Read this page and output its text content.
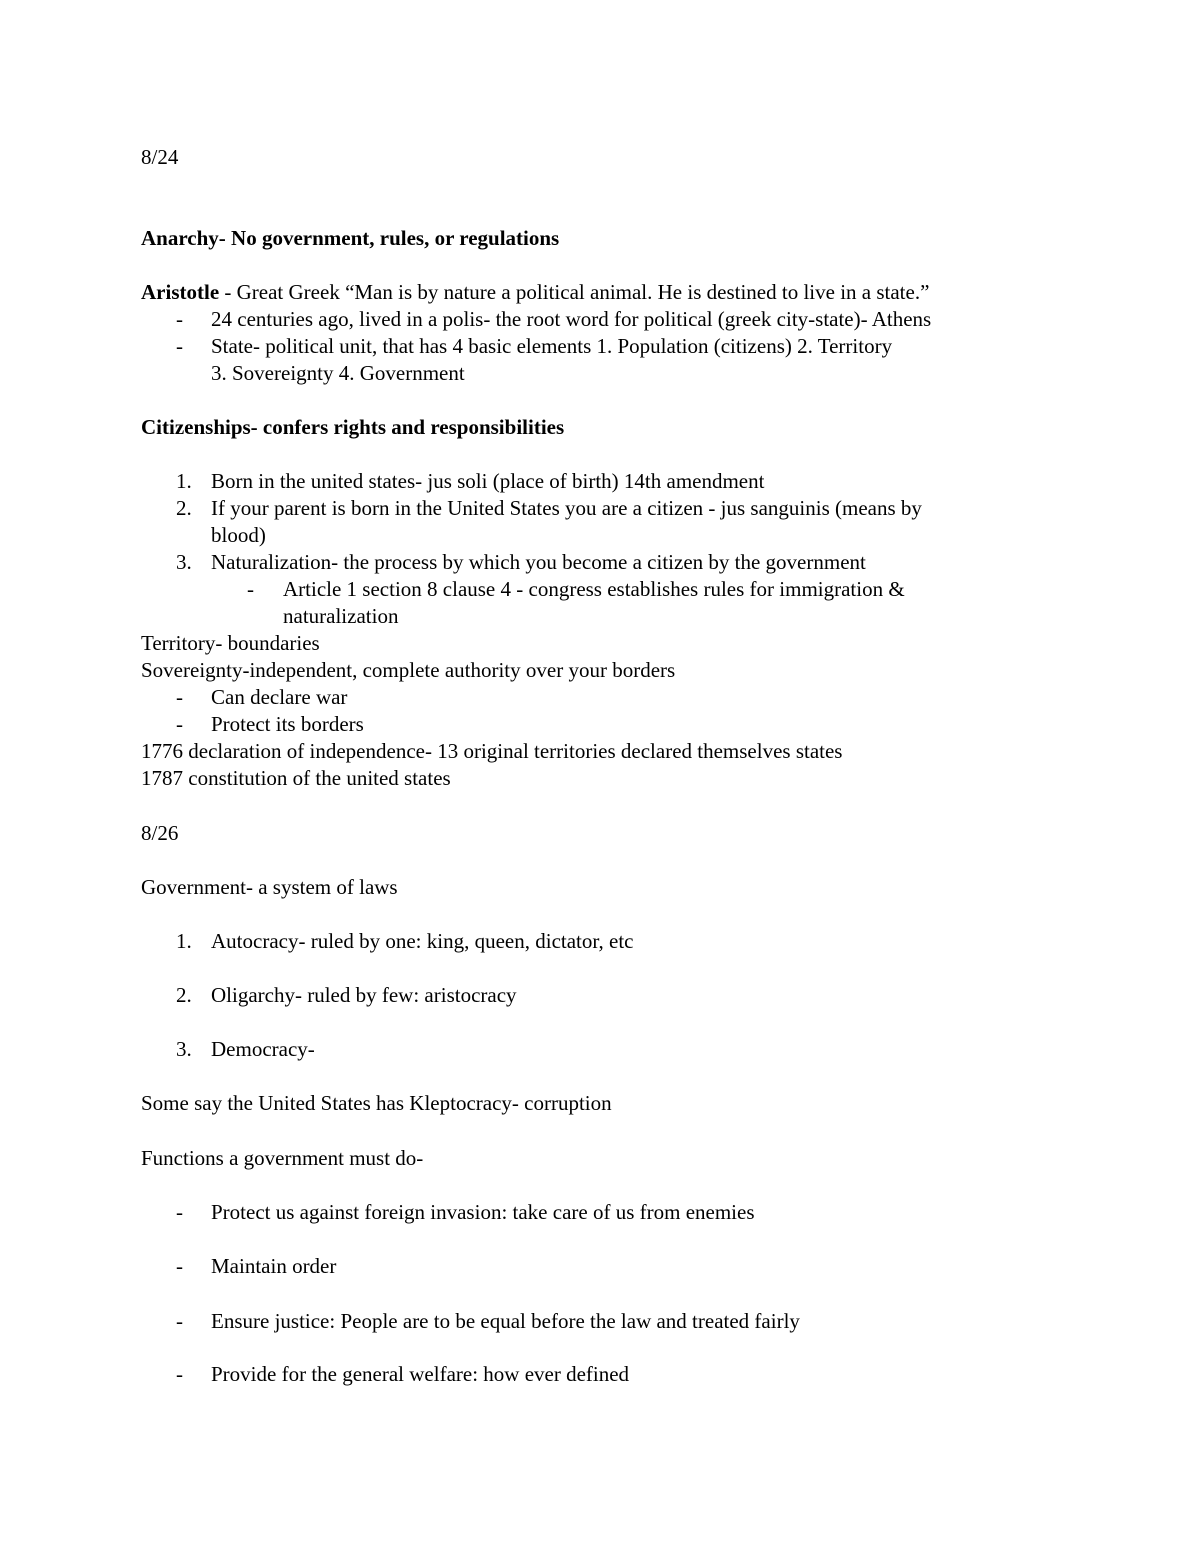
8/24
Anarchy- No government, rules, or regulations
Aristotle - Great Greek “Man is by nature a political animal. He is destined to live in a state.”
- 24 centuries ago, lived in a polis- the root word for political (greek city-state)- Athens
- State- political unit, that has 4 basic elements 1. Population (citizens) 2. Territory
3. Sovereignty 4. Government
Citizenships- confers rights and responsibilities
1. Born in the united states- jus soli (place of birth) 14th amendment
2. If your parent is born in the United States you are a citizen - jus sanguinis (means by
blood)
3. Naturalization- the process by which you become a citizen by the government
- Article 1 section 8 clause 4 - congress establishes rules for immigration &
naturalization
Territory- boundaries
Sovereignty-independent, complete authority over your borders
- Can declare war
- Protect its borders
1776 declaration of independence- 13 original territories declared themselves states
1787 constitution of the united states
8/26
Government- a system of laws
1. Autocracy- ruled by one: king, queen, dictator, etc
2. Oligarchy- ruled by few: aristocracy
3. Democracy-
Some say the United States has Kleptocracy- corruption
Functions a government must do-
- Protect us against foreign invasion: take care of us from enemies
- Maintain order
- Ensure justice: People are to be equal before the law and treated fairly
- Provide for the general welfare: how ever defined
